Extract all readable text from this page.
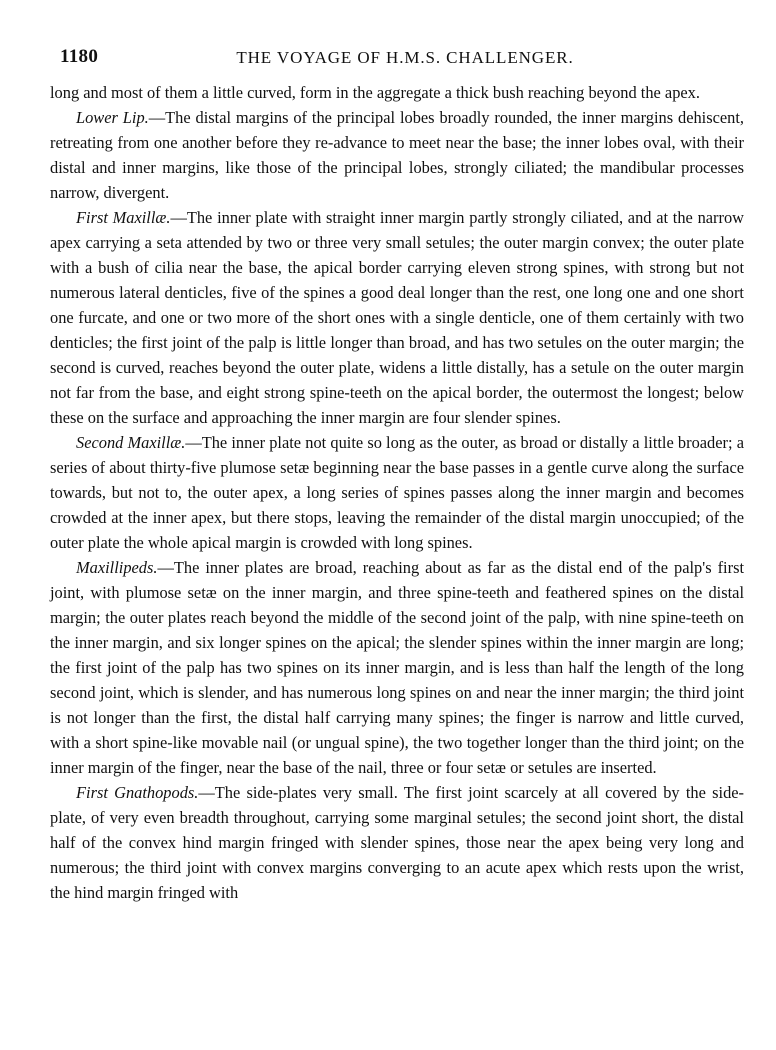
1180	THE VOYAGE OF H.M.S. CHALLENGER.

long and most of them a little curved, form in the aggregate a thick bush reaching beyond the apex.

Lower Lip.—The distal margins of the principal lobes broadly rounded, the inner margins dehiscent, retreating from one another before they re-advance to meet near the base; the inner lobes oval, with their distal and inner margins, like those of the principal lobes, strongly ciliated; the mandibular processes narrow, divergent.

First Maxillæ.—The inner plate with straight inner margin partly strongly ciliated, and at the narrow apex carrying a seta attended by two or three very small setules; the outer margin convex; the outer plate with a bush of cilia near the base, the apical border carrying eleven strong spines, with strong but not numerous lateral denticles, five of the spines a good deal longer than the rest, one long one and one short one furcate, and one or two more of the short ones with a single denticle, one of them certainly with two denticles; the first joint of the palp is little longer than broad, and has two setules on the outer margin; the second is curved, reaches beyond the outer plate, widens a little distally, has a setule on the outer margin not far from the base, and eight strong spine-teeth on the apical border, the outermost the longest; below these on the surface and approaching the inner margin are four slender spines.

Second Maxillæ.—The inner plate not quite so long as the outer, as broad or distally a little broader; a series of about thirty-five plumose setæ beginning near the base passes in a gentle curve along the surface towards, but not to, the outer apex, a long series of spines passes along the inner margin and becomes crowded at the inner apex, but there stops, leaving the remainder of the distal margin unoccupied; of the outer plate the whole apical margin is crowded with long spines.

Maxillipeds.—The inner plates are broad, reaching about as far as the distal end of the palp's first joint, with plumose setæ on the inner margin, and three spine-teeth and feathered spines on the distal margin; the outer plates reach beyond the middle of the second joint of the palp, with nine spine-teeth on the inner margin, and six longer spines on the apical; the slender spines within the inner margin are long; the first joint of the palp has two spines on its inner margin, and is less than half the length of the long second joint, which is slender, and has numerous long spines on and near the inner margin; the third joint is not longer than the first, the distal half carrying many spines; the finger is narrow and little curved, with a short spine-like movable nail (or ungual spine), the two together longer than the third joint; on the inner margin of the finger, near the base of the nail, three or four setæ or setules are inserted.

First Gnathopods.—The side-plates very small. The first joint scarcely at all covered by the side-plate, of very even breadth throughout, carrying some marginal setules; the second joint short, the distal half of the convex hind margin fringed with slender spines, those near the apex being very long and numerous; the third joint with convex margins converging to an acute apex which rests upon the wrist, the hind margin fringed with
